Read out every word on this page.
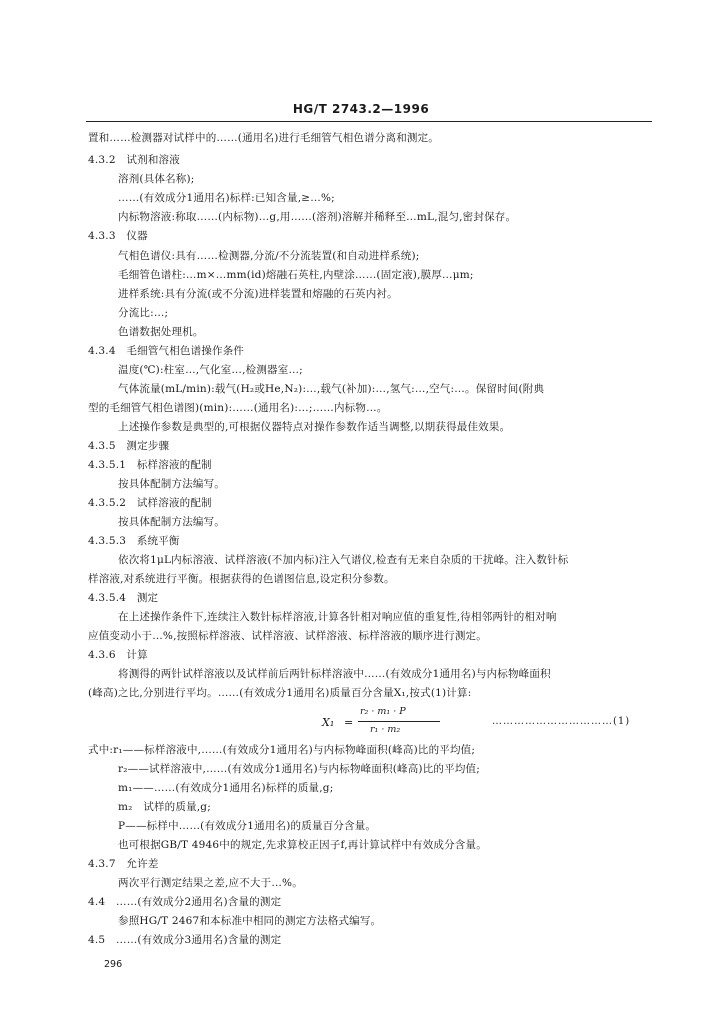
HG/T 2743.2—1996
置和……检测器对试样中的……(通用名)进行毛细管气相色谱分离和测定。
4.3.2　试剂和溶液
溶剂(具体名称);
……(有效成分1通用名)标样:已知含量,≥…%;
内标物溶液:称取……(内标物)…g,用……(溶剂)溶解并稀释至…mL,混匀,密封保存。
4.3.3　仪器
气相色谱仪:具有……检测器,分流/不分流装置(和自动进样系统);
毛细管色谱柱:…m×…mm(id)熔融石英柱,内壁涂……(固定液),膜厚…μm;
进样系统:具有分流(或不分流)进样装置和熔融的石英内衬。
分流比:…;
色谱数据处理机。
4.3.4　毛细管气相色谱操作条件
温度(℃):柱室…,气化室…,检测器室…;
气体流量(mL/min):载气(H₂或He,N₂):…,载气(补加):…,氢气:…,空气:…。保留时间(附典
型的毛细管气相色谱图)(min):……(通用名):…;……内标物…。
上述操作参数是典型的,可根据仪器特点对操作参数作适当调整,以期获得最佳效果。
4.3.5　测定步骤
4.3.5.1　标样溶液的配制
按具体配制方法编写。
4.3.5.2　试样溶液的配制
按具体配制方法编写。
4.3.5.3　系统平衡
依次将1μL内标溶液、试样溶液(不加内标)注入气谱仪,检查有无来自杂质的干扰峰。注入数针标
样溶液,对系统进行平衡。根据获得的色谱图信息,设定积分参数。
4.3.5.4　测定
在上述操作条件下,连续注入数针标样溶液,计算各针相对响应值的重复性,待相邻两针的相对响
应值变动小于…%,按照标样溶液、试样溶液、试样溶液、标样溶液的顺序进行测定。
4.3.6　计算
将测得的两针试样溶液以及试样前后两针标样溶液中……(有效成分1通用名)与内标物峰面积
(峰高)之比,分别进行平均。……(有效成分1通用名)质量百分含量X₁,按式(1)计算:
X₁ =
r₂ · m₁ · P
r₁ · m₂
……………………………(1)
式中:r₁——标样溶液中,……(有效成分1通用名)与内标物峰面积(峰高)比的平均值;
r₂——试样溶液中,……(有效成分1通用名)与内标物峰面积(峰高)比的平均值;
m₁——……(有效成分1通用名)标样的质量,g;
m₂　试样的质量,g;
P——标样中……(有效成分1通用名)的质量百分含量。
也可根据GB/T 4946中的规定,先求算校正因子f,再计算试样中有效成分含量。
4.3.7　允许差
两次平行测定结果之差,应不大于…%。
4.4　……(有效成分2通用名)含量的测定
参照HG/T 2467和本标准中相同的测定方法格式编写。
4.5　……(有效成分3通用名)含量的测定
296
